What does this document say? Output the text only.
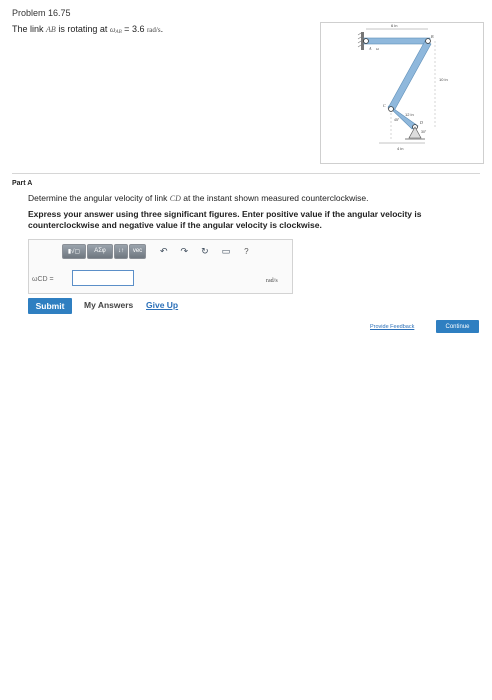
Problem 16.75
The link AB is rotating at $\omega_{AB} = 3.6$ rad/s.	6 in
A ω
B
10 in
C
12 in
D
45°
30°
4 in
Part A
Determine the angular velocity of link CD at the instant shown measured counterclockwise.
Express your answer using three significant figures. Enter positive value if the angular velocity is counterclockwise and negative value if the angular velocity is clockwise.
▮√▢	ΑΣφ	↓↑	vec	↶ ↷ ↻ ▭ ?
ωCD =	rad/s
Submit	My Answers Give Up
Provide Feedback	Continue
